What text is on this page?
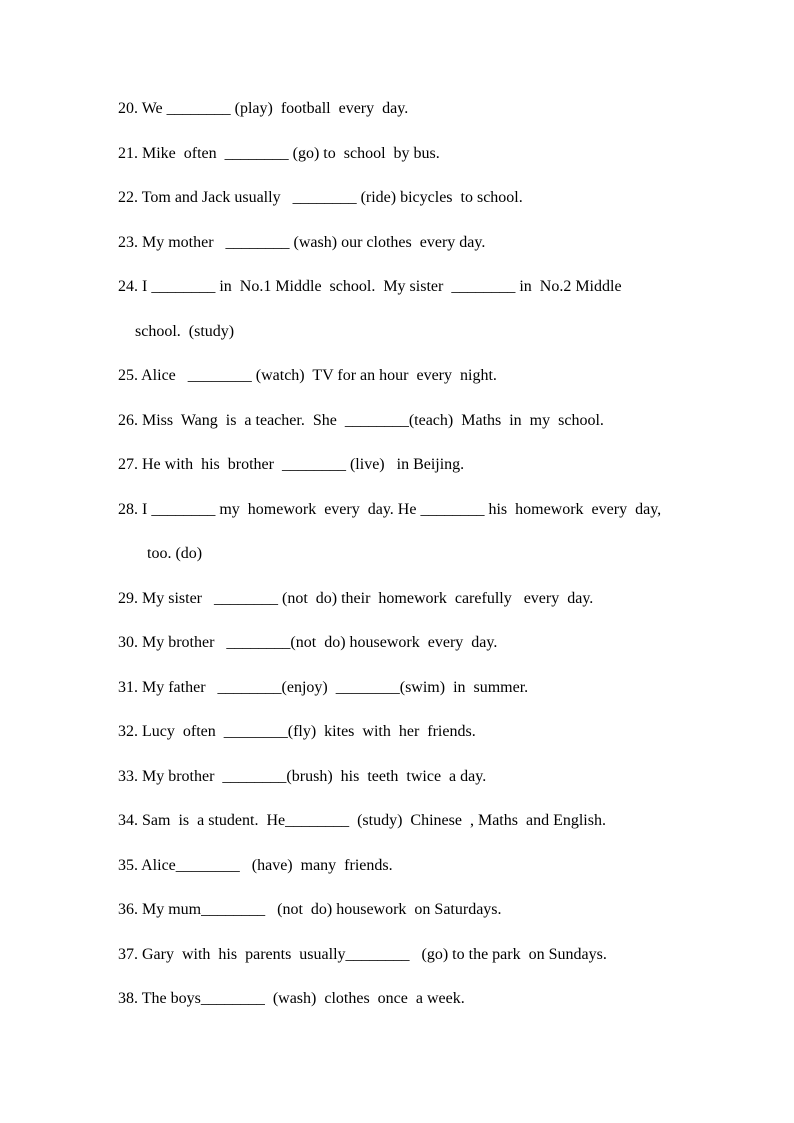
20. We ________ (play)  football  every  day.
21. Mike  often  ________ (go) to  school  by bus.
22. Tom and Jack usually   ________ (ride) bicycles  to school.
23. My mother   ________ (wash) our clothes  every day.
24. I ________ in  No.1 Middle  school.  My sister  ________ in  No.2 Middle
school.  (study)
25. Alice   ________ (watch)  TV for an hour  every  night.
26. Miss  Wang  is  a teacher.  She  ________(teach)  Maths  in  my  school.
27. He with  his  brother  ________ (live)   in Beijing.
28. I ________ my  homework  every  day. He ________ his  homework  every  day,
too. (do)
29. My sister   ________ (not  do) their  homework  carefully   every  day.
30. My brother   ________(not  do) housework  every  day.
31. My father   ________(enjoy)  ________(swim)  in  summer.
32. Lucy  often  ________(fly)  kites  with  her  friends.
33. My brother  ________(brush)  his  teeth  twice  a day.
34. Sam  is  a student.  He________  (study)  Chinese  , Maths  and English.
35. Alice________   (have)  many  friends.
36. My mum________   (not  do) housework  on Saturdays.
37. Gary  with  his  parents  usually________   (go) to the park  on Sundays.
38. The boys________  (wash)  clothes  once  a week.
